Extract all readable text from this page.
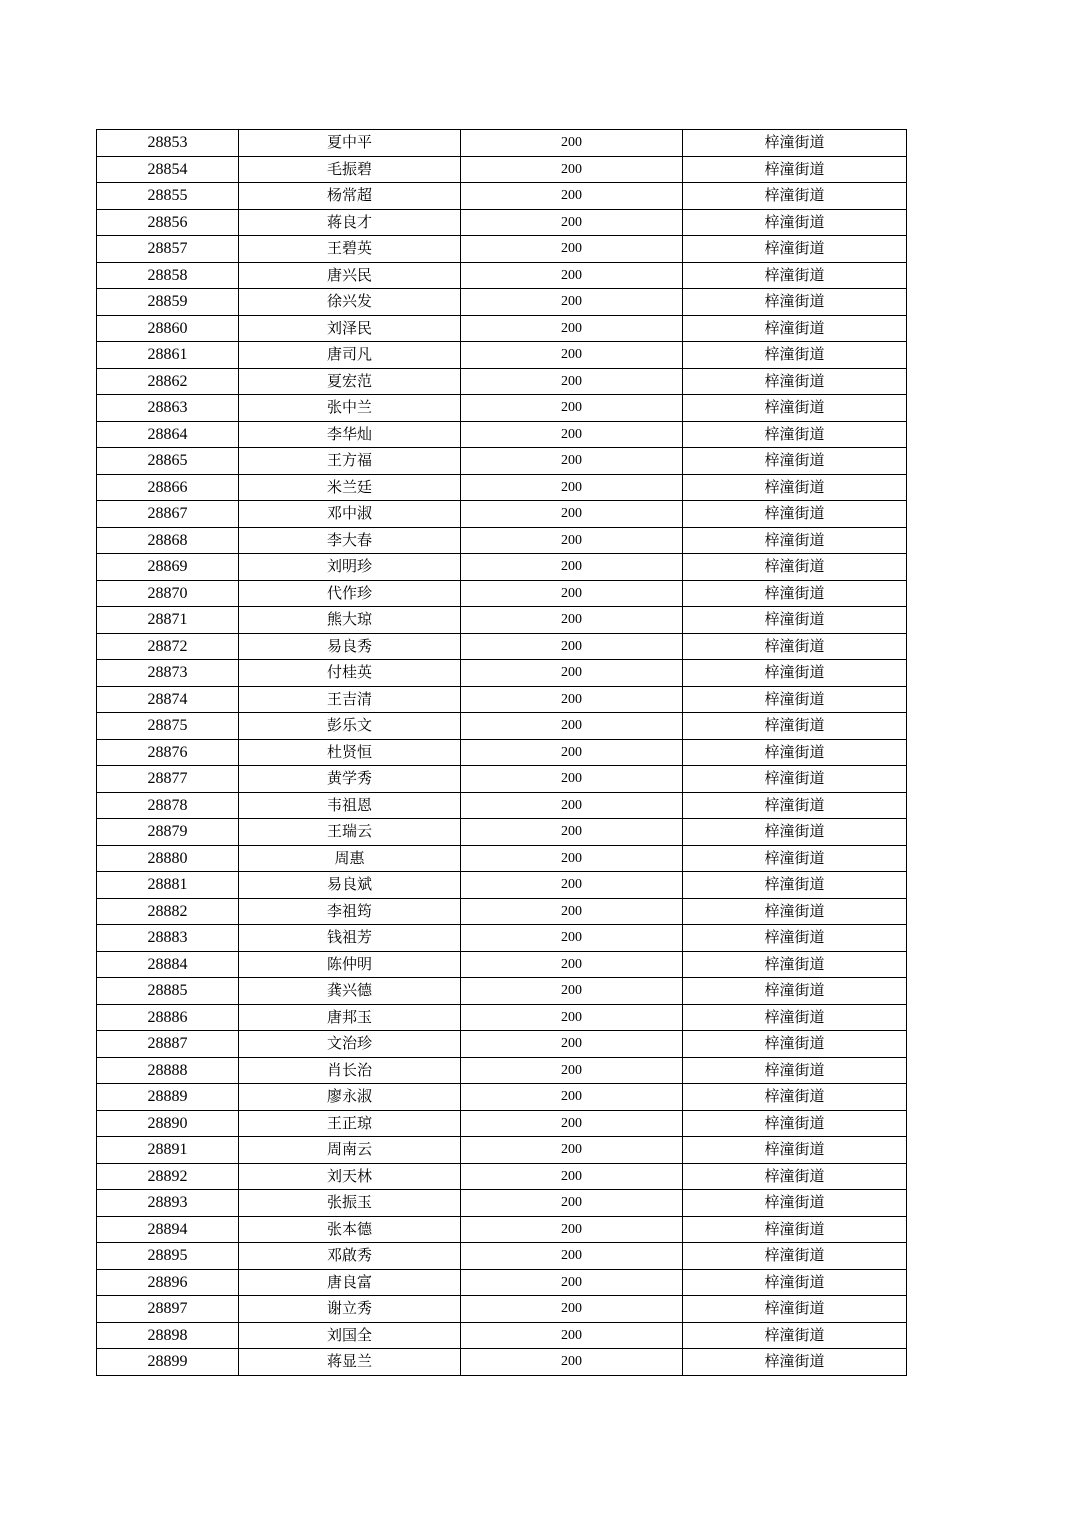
28853	夏中平	200	梓潼街道
28854	毛振碧	200	梓潼街道
28855	杨常超	200	梓潼街道
28856	蒋良才	200	梓潼街道
28857	王碧英	200	梓潼街道
28858	唐兴民	200	梓潼街道
28859	徐兴发	200	梓潼街道
28860	刘泽民	200	梓潼街道
28861	唐司凡	200	梓潼街道
28862	夏宏范	200	梓潼街道
28863	张中兰	200	梓潼街道
28864	李华灿	200	梓潼街道
28865	王方福	200	梓潼街道
28866	米兰廷	200	梓潼街道
28867	邓中淑	200	梓潼街道
28868	李大春	200	梓潼街道
28869	刘明珍	200	梓潼街道
28870	代作珍	200	梓潼街道
28871	熊大琼	200	梓潼街道
28872	易良秀	200	梓潼街道
28873	付桂英	200	梓潼街道
28874	王吉清	200	梓潼街道
28875	彭乐文	200	梓潼街道
28876	杜贤恒	200	梓潼街道
28877	黄学秀	200	梓潼街道
28878	韦祖恩	200	梓潼街道
28879	王瑞云	200	梓潼街道
28880	周惠	200	梓潼街道
28881	易良斌	200	梓潼街道
28882	李祖筠	200	梓潼街道
28883	钱祖芳	200	梓潼街道
28884	陈仲明	200	梓潼街道
28885	龚兴德	200	梓潼街道
28886	唐邦玉	200	梓潼街道
28887	文治珍	200	梓潼街道
28888	肖长治	200	梓潼街道
28889	廖永淑	200	梓潼街道
28890	王正琼	200	梓潼街道
28891	周南云	200	梓潼街道
28892	刘天林	200	梓潼街道
28893	张振玉	200	梓潼街道
28894	张本德	200	梓潼街道
28895	邓啟秀	200	梓潼街道
28896	唐良富	200	梓潼街道
28897	谢立秀	200	梓潼街道
28898	刘国全	200	梓潼街道
28899	蒋显兰	200	梓潼街道
